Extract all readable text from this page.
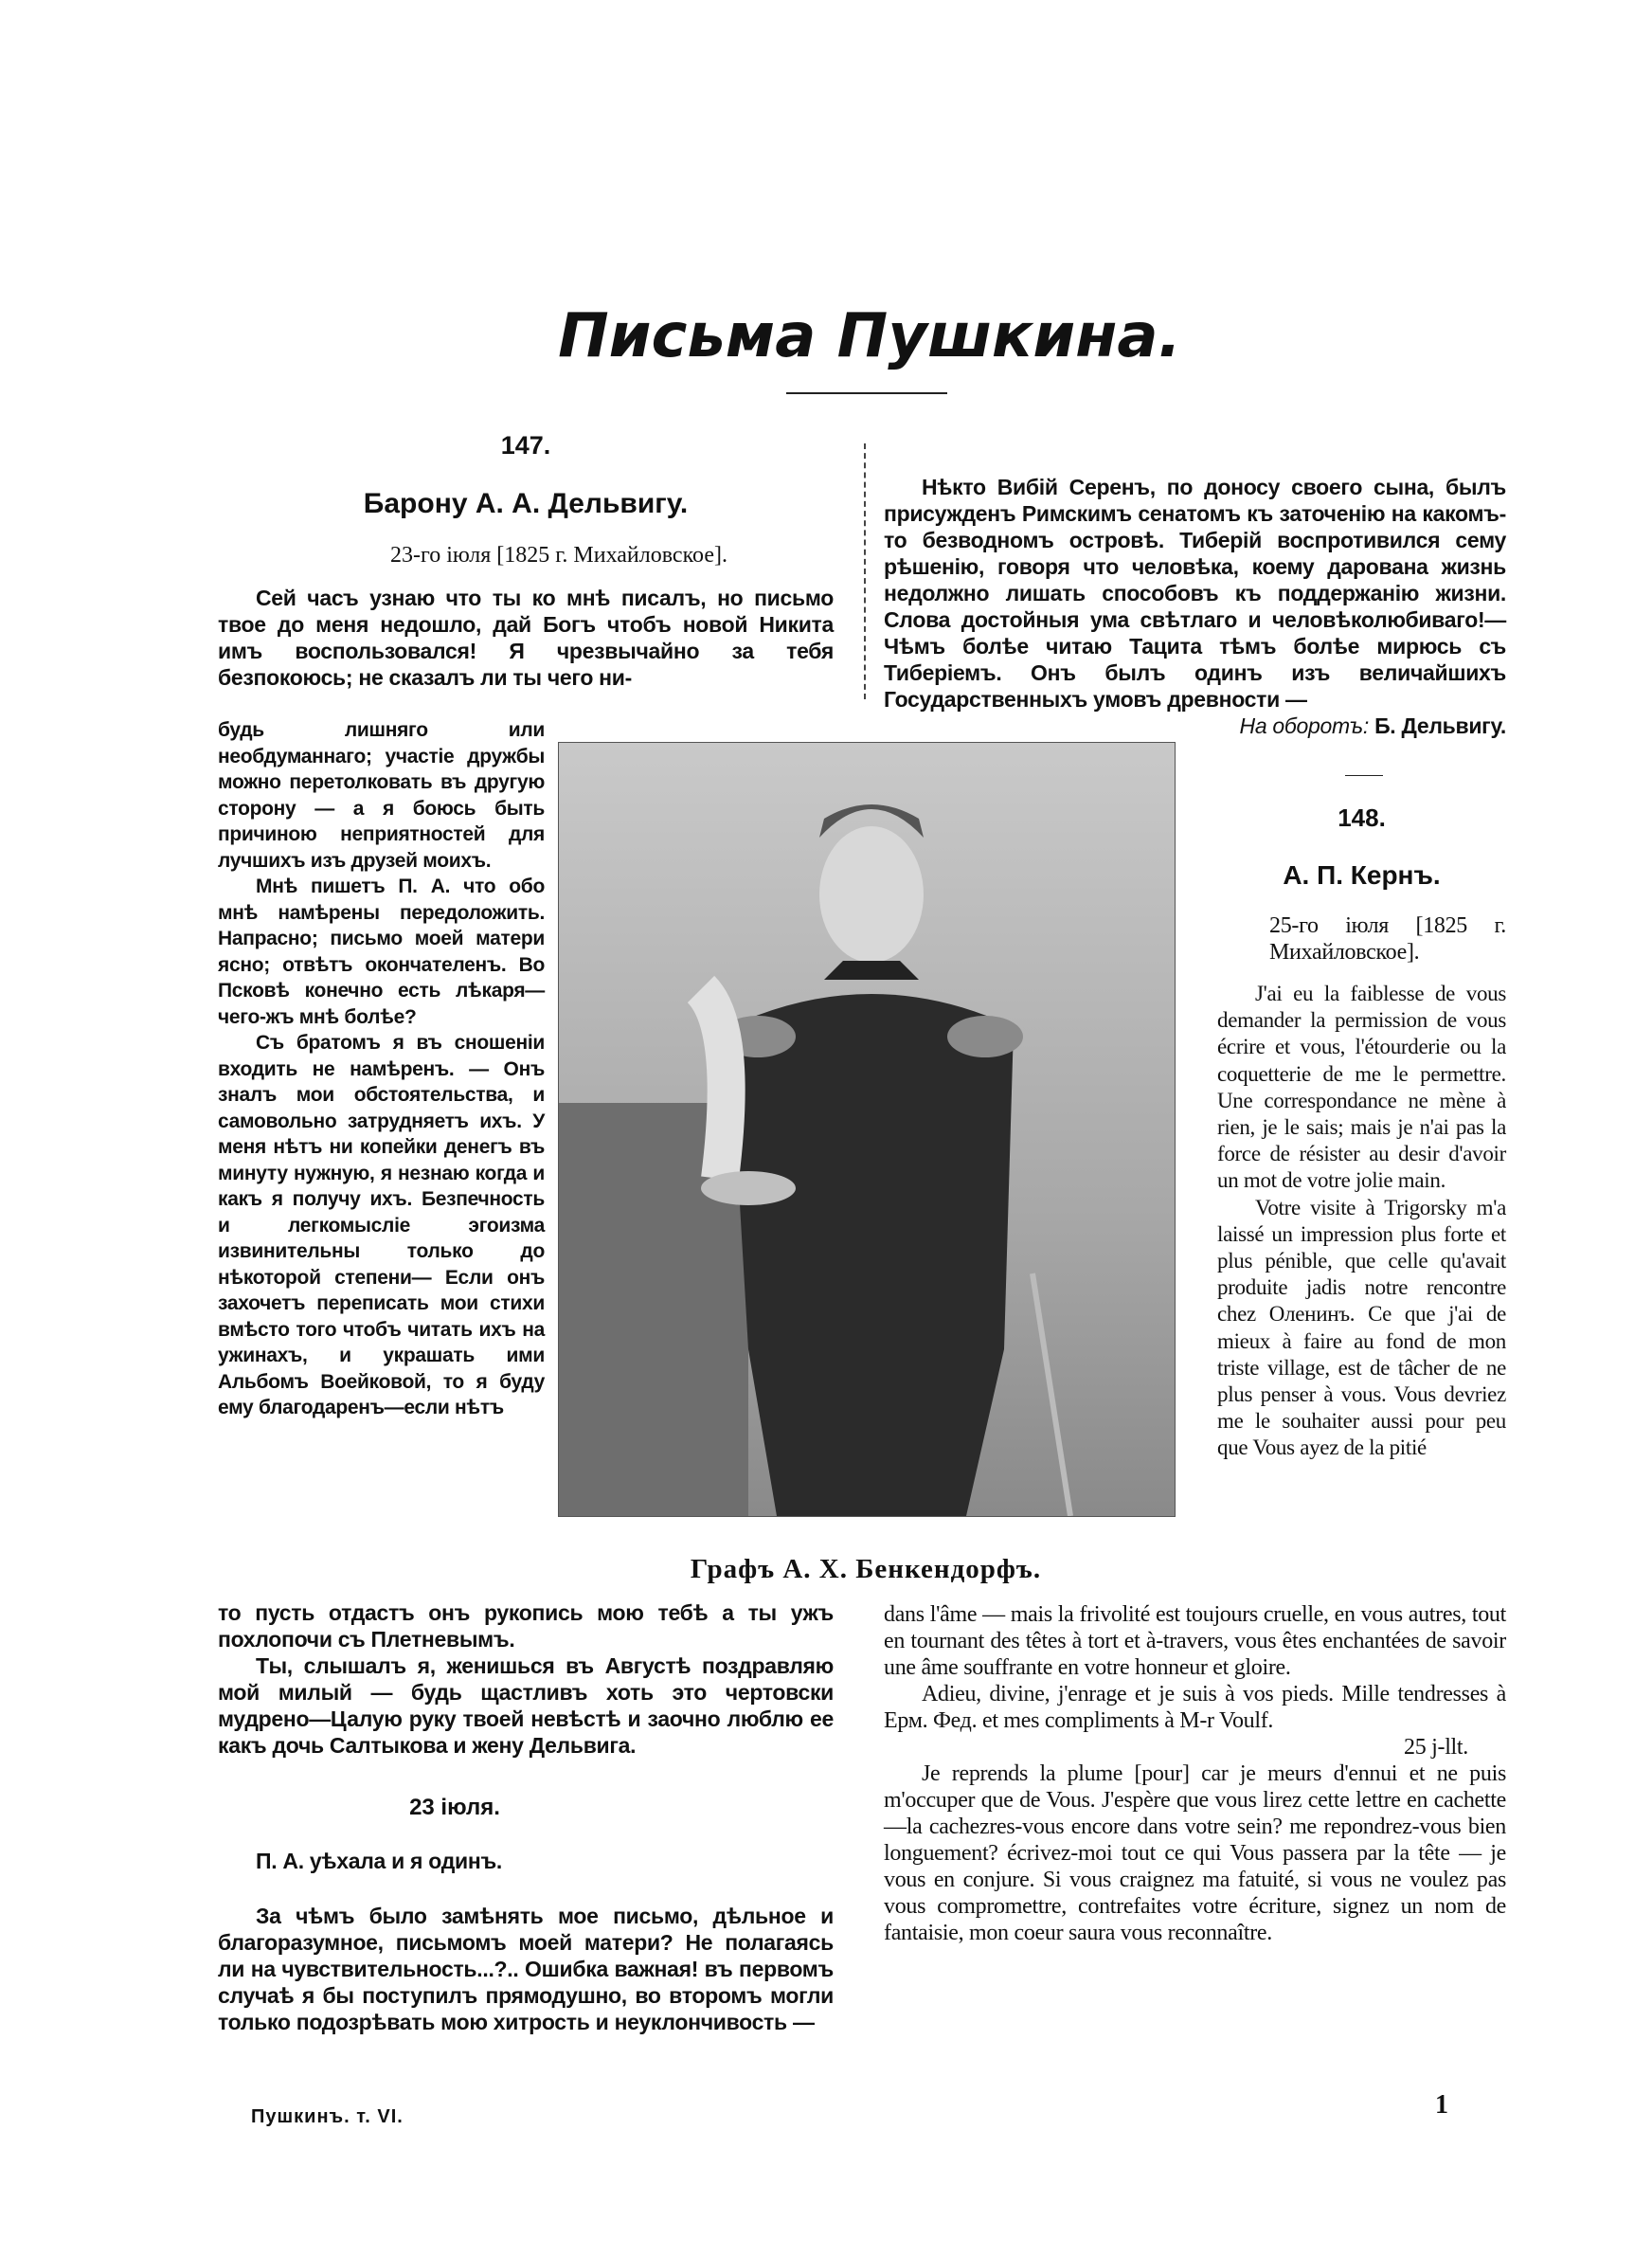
Письма Пушкина.
147.
Барону А. А. Дельвигу.
23-го іюля [1825 г. Михайловское].

Сей часъ узнаю что ты ко мнѣ писалъ, но письмо твое до меня недошло, дай Богъ чтобъ новой Никита имъ воспользовался! Я чрезвычайно за тебя безпокоюсь; не сказалъ ли ты чего ни-

будь лишняго или необдуманнаго; участіе дружбы можно перетолковать въ другую сторону — а я боюсь быть причиною неприятностей для лучшихъ изъ друзей моихъ.

Мнѣ пишетъ П. А. что обо мнѣ намѣрены передоложить. Напрасно; письмо моей матери ясно; отвѣтъ окончателенъ. Во Псковѣ конечно есть лѣкаря—чего-жъ мнѣ болѣе?

Съ братомъ я въ сношеніи входить не намѣренъ. — Онъ зналъ мои обстоятельства, и самовольно затрудняетъ ихъ. У меня нѣтъ ни копейки денегъ въ минуту нужную, я незнаю когда и какъ я получу ихъ. Безпечность и легкомысліе эгоизма извинительны только до нѣкоторой степени— Если онъ захочетъ переписать мои стихи вмѣсто того чтобъ читать ихъ на ужинахъ, и украшать ими Альбомъ Воейковой, то я буду ему благодаренъ—если нѣтъ

то пусть отдастъ онъ рукопись мою тебѣ а ты ужъ похлопочи съ Плетневымъ.

Ты, слышалъ я, женишься въ Августѣ поздравляю мой милый — будь щастливъ хоть это чертовски мудрено—Цалую руку твоей невѣстѣ и заочно люблю ее какъ дочь Салтыкова и жену Дельвига.

23 іюля.
П. А. уѣхала и я одинъ.

За чѣмъ было замѣнять мое письмо, дѣльное и благоразумное, письмомъ моей матери? Не полагаясь ли на чувствительность...?.. Ошибка важная! въ первомъ случаѣ я бы поступилъ прямодушно, во второмъ могли только подозрѣвать мою хитрость и неуклончивость —

Нѣкто Вибій Серенъ, по доносу своего сына, былъ присужденъ Римскимъ сенатомъ къ заточенію на какомъ-то безводномъ островѣ. Тиберій воспротивился сему рѣшенію, говоря что человѣка, коему дарована жизнь недолжно лишать способовъ къ поддержанію жизни. Слова достойныя ума свѣтлаго и человѣколюбиваго!—Чѣмъ болѣе читаю Тацита тѣмъ болѣе мирюсь съ Тиберіемъ. Онъ былъ одинъ изъ величайшихъ Государственныхъ умовъ древности —

На оборотъ: Б. Дельвигу.
148.
А. П. Кернъ.
25-го іюля [1825 г. Михайловское].

J'ai eu la faiblesse de vous demander la permission de vous écrire et vous, l'étourderie ou la coquetterie de me le permettre. Une correspondance ne mène à rien, je le sais; mais je n'ai pas la force de résister au desir d'avoir un mot de votre jolie main.

Votre visite à Trigorsky m'a laissé un impression plus forte et plus pénible, que celle qu'avait produite jadis notre rencontre chez Оленинъ. Ce que j'ai de mieux à faire au fond de mon triste village, est de tâcher de ne plus penser à vous. Vous devriez me le souhaiter aussi pour peu que Vous ayez de la pitié

dans l'âme — mais la frivolité est toujours cruelle, en vous autres, tout en tournant des têtes à tort et à-travers, vous êtes enchantées de savoir une âme souffrante en votre honneur et gloire.

Adieu, divine, j'enrage et je suis à vos pieds. Mille tendresses à Ерм. Фед. et mes compliments à M-r Voulf.

25 j-llt.

Je reprends la plume [pour] car je meurs d'ennui et ne puis m'occuper que de Vous. J'espère que vous lirez cette lettre en cachette—la cachezres-vous encore dans votre sein? me repondrez-vous bien longuement? écrivez-moi tout ce qui Vous passera par la tête — je vous en conjure. Si vous craignez ma fatuité, si vous ne voulez pas vous compromettre, contrefaites votre écriture, signez un nom de fantaisie, mon coeur saura vous reconnaître.

Графъ А. Х. Бенкендорфъ.
Пушкинъ. т. VI.	1
